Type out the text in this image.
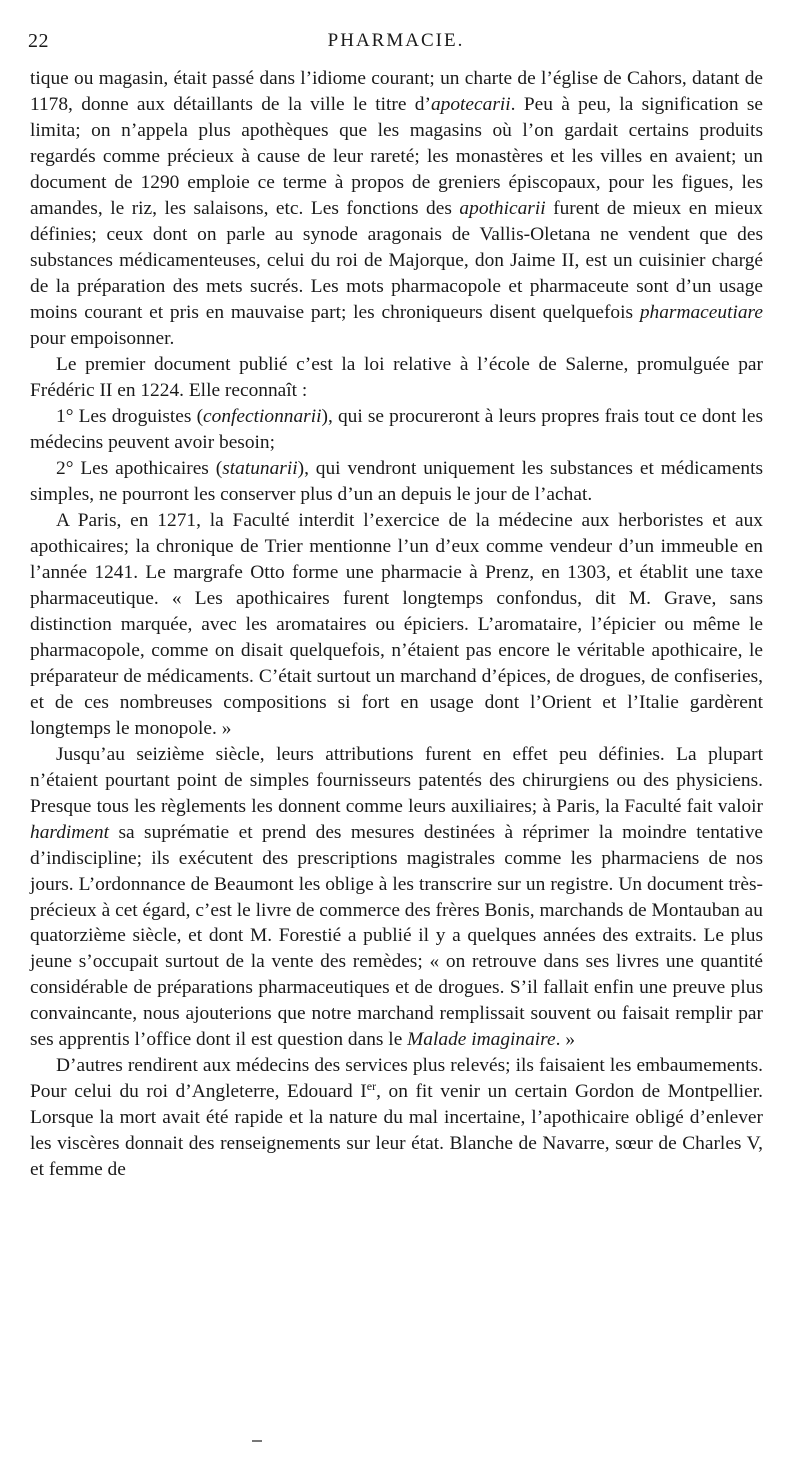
22	PHARMACIE.

tique ou magasin, était passé dans l’idiome courant; un charte de l’église de Cahors, datant de 1178, donne aux détaillants de la ville le titre d’apotecarii. Peu à peu, la signification se limita; on n’appela plus apothèques que les magasins où l’on gardait certains produits regardés comme précieux à cause de leur rareté; les monastères et les villes en avaient; un document de 1290 emploie ce terme à propos de greniers épiscopaux, pour les figues, les amandes, le riz, les salaisons, etc. Les fonctions des apothicarii furent de mieux en mieux définies; ceux dont on parle au synode aragonais de Vallis-Oletana ne vendent que des substances médicamenteuses, celui du roi de Majorque, don Jaime II, est un cuisinier chargé de la préparation des mets sucrés. Les mots pharmacopole et pharmaceute sont d’un usage moins courant et pris en mauvaise part; les chroniqueurs disent quelquefois pharmaceutiare pour empoisonner.

Le premier document publié c’est la loi relative à l’école de Salerne, promulguée par Frédéric II en 1224. Elle reconnaît :

1° Les droguistes (confectionnarii), qui se procureront à leurs propres frais tout ce dont les médecins peuvent avoir besoin;

2° Les apothicaires (statunarii), qui vendront uniquement les substances et médicaments simples, ne pourront les conserver plus d’un an depuis le jour de l’achat.

A Paris, en 1271, la Faculté interdit l’exercice de la médecine aux herboristes et aux apothicaires; la chronique de Trier mentionne l’un d’eux comme vendeur d’un immeuble en l’année 1241. Le margrafe Otto forme une pharmacie à Prenz, en 1303, et établit une taxe pharmaceutique. « Les apothicaires furent longtemps confondus, dit M. Grave, sans distinction marquée, avec les aromataires ou épiciers. L’aromataire, l’épicier ou même le pharmacopole, comme on disait quelquefois, n’étaient pas encore le véritable apothicaire, le préparateur de médicaments. C’était surtout un marchand d’épices, de drogues, de confiseries, et de ces nombreuses compositions si fort en usage dont l’Orient et l’Italie gardèrent longtemps le monopole. »

Jusqu’au seizième siècle, leurs attributions furent en effet peu définies. La plupart n’étaient pourtant point de simples fournisseurs patentés des chirurgiens ou des physiciens. Presque tous les règlements les donnent comme leurs auxiliaires; à Paris, la Faculté fait valoir hardiment sa suprématie et prend des mesures destinées à réprimer la moindre tentative d’indiscipline; ils exécutent des prescriptions magistrales comme les pharmaciens de nos jours. L’ordonnance de Beaumont les oblige à les transcrire sur un registre. Un document très-précieux à cet égard, c’est le livre de commerce des frères Bonis, marchands de Montauban au quatorzième siècle, et dont M. Forestié a publié il y a quelques années des extraits. Le plus jeune s’occupait surtout de la vente des remèdes; « on retrouve dans ses livres une quantité considérable de préparations pharmaceutiques et de drogues. S’il fallait enfin une preuve plus convaincante, nous ajouterions que notre marchand remplissait souvent ou faisait remplir par ses apprentis l’office dont il est question dans le Malade imaginaire. »

D’autres rendirent aux médecins des services plus relevés; ils faisaient les embaumements. Pour celui du roi d’Angleterre, Edouard Ier, on fit venir un certain Gordon de Montpellier. Lorsque la mort avait été rapide et la nature du mal incertaine, l’apothicaire obligé d’enlever les viscères donnait des renseignements sur leur état. Blanche de Navarre, sœur de Charles V, et femme de
